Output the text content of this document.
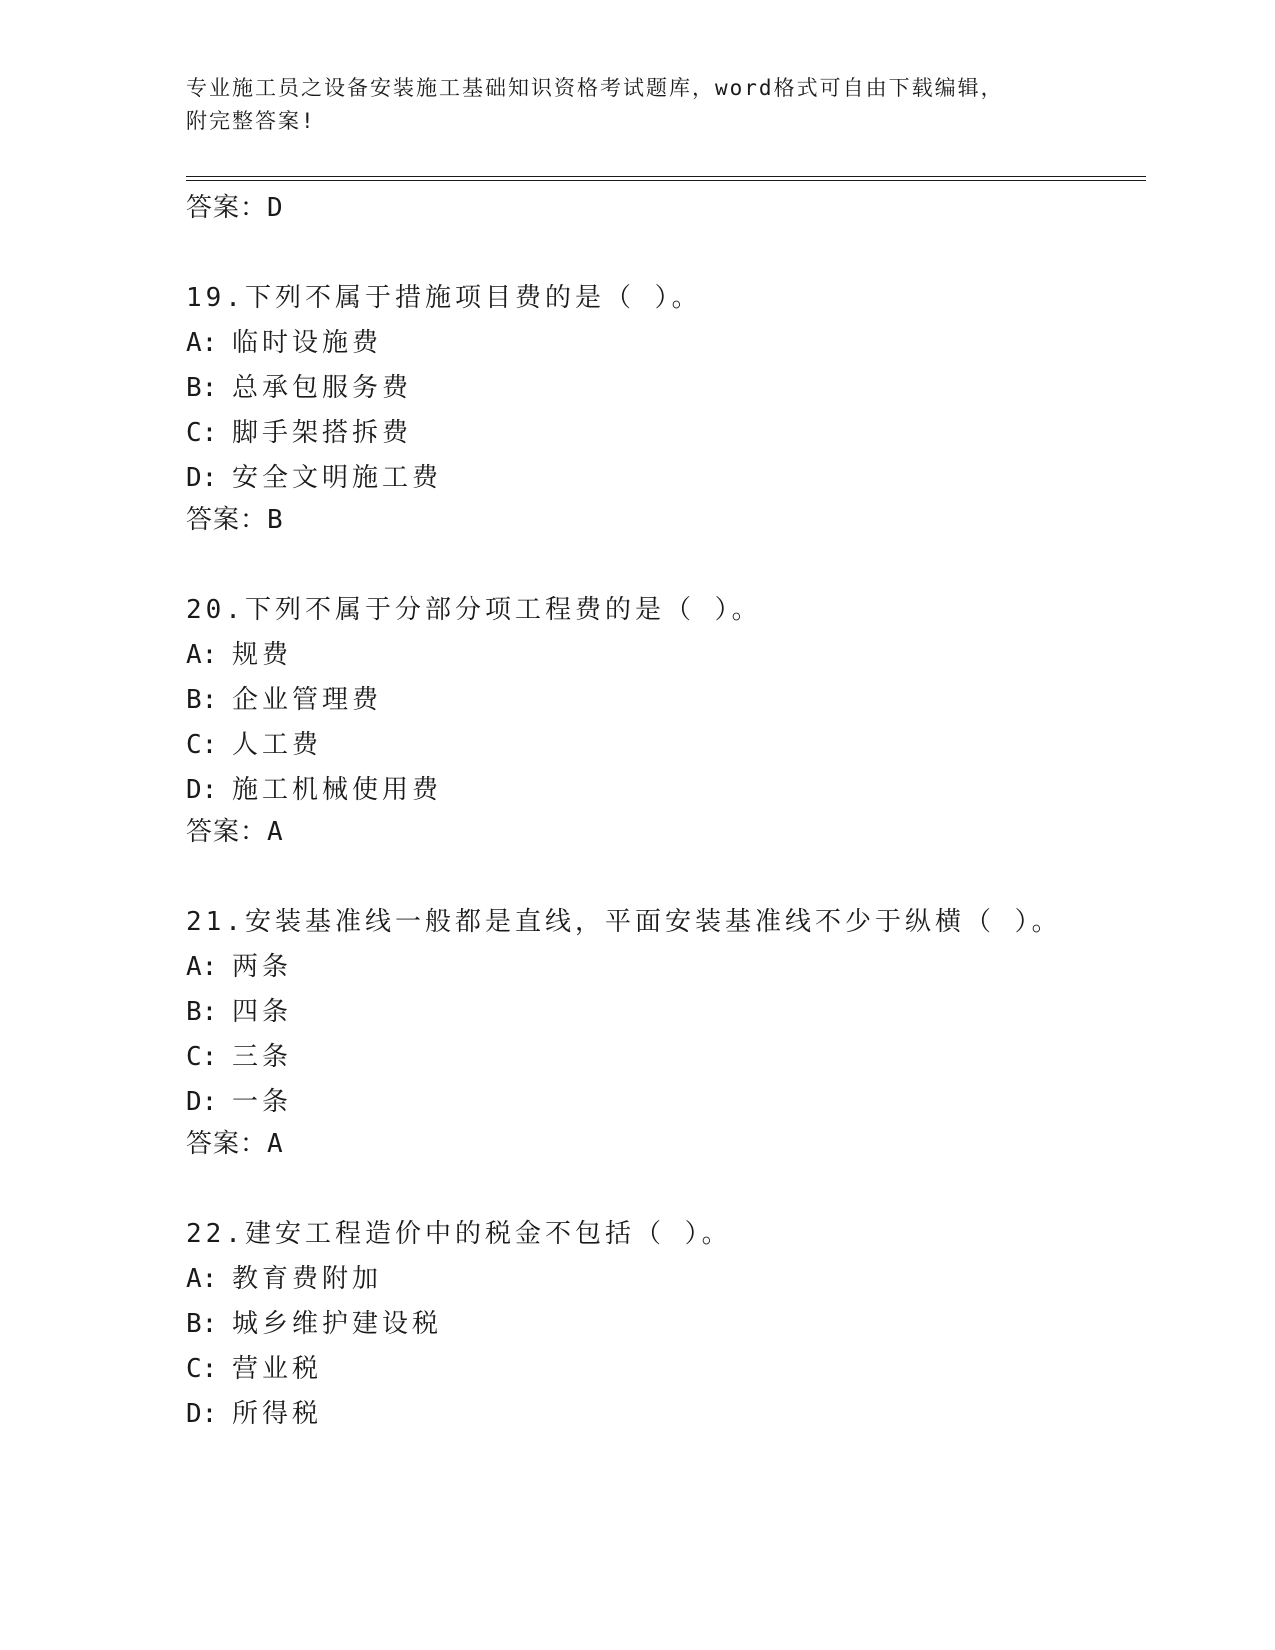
专业施工员之设备安装施工基础知识资格考试题库，word格式可自由下载编辑，
附完整答案!
答案：D
19.下列不属于措施项目费的是（ ）。
A: 临时设施费
B: 总承包服务费
C: 脚手架搭拆费
D: 安全文明施工费
答案：B
20.下列不属于分部分项工程费的是（ ）。
A: 规费
B: 企业管理费
C: 人工费
D: 施工机械使用费
答案：A
21.安装基准线一般都是直线，平面安装基准线不少于纵横（ ）。
A: 两条
B: 四条
C: 三条
D: 一条
答案：A
22.建安工程造价中的税金不包括（ ）。
A: 教育费附加
B: 城乡维护建设税
C: 营业税
D: 所得税
